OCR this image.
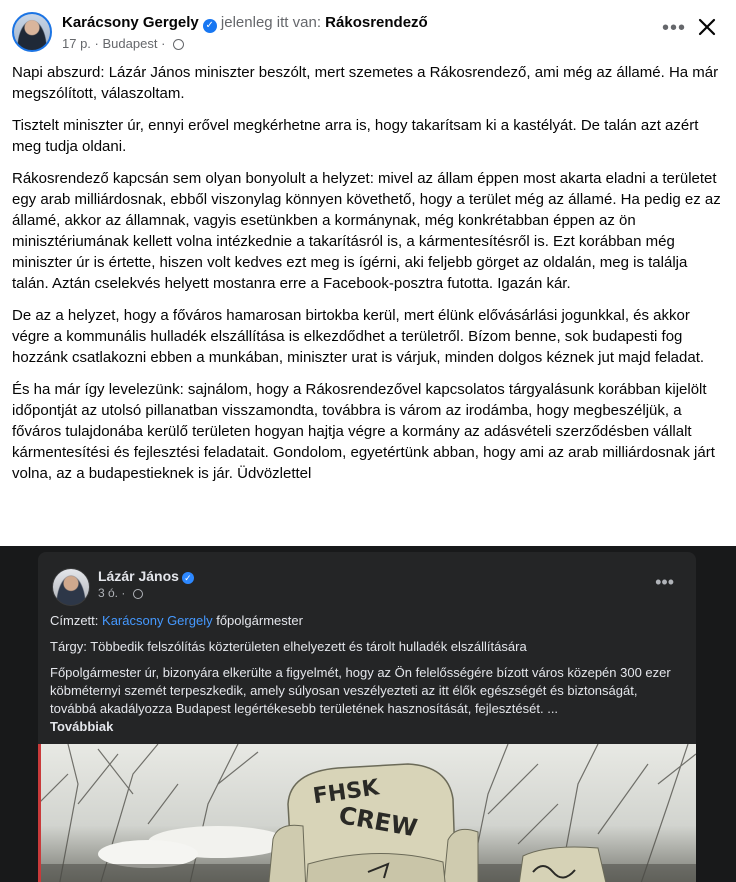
Karácsony Gergely ✓ jelenleg itt van: Rákosrendező
17 p. · Budapest ·
•••

Napi abszurd: Lázár János miniszter beszólt, mert szemetes a Rákosrendező, ami még az államé. Ha már megszólított, válaszoltam.

Tisztelt miniszter úr, ennyi erővel megkérhetne arra is, hogy takarítsam ki a kastélyát. De talán azt azért meg tudja oldani.

Rákosrendező kapcsán sem olyan bonyolult a helyzet: mivel az állam éppen most akarta eladni a területet egy arab milliárdosnak, ebből viszonylag könnyen követhető, hogy a terület még az államé. Ha pedig ez az államé, akkor az államnak, vagyis esetünkben a kormánynak, még konkrétabban éppen az ön minisztériumának kellett volna intézkednie a takarításról is, a kármentesítésről is. Ezt korábban még miniszter úr is értette, hiszen volt kedves ezt meg is ígérni, aki feljebb görget az oldalán, meg is találja talán. Aztán cselekvés helyett mostanra erre a Facebook-posztra futotta. Igazán kár.

De az a helyzet, hogy a főváros hamarosan birtokba kerül, mert élünk elővásárlási jogunkkal, és akkor végre a kommunális hulladék elszállítása is elkezdődhet a területről. Bízom benne, sok budapesti fog hozzánk csatlakozni ebben a munkában, miniszter urat is várjuk, minden dolgos kéznek jut majd feladat.

És ha már így levelezünk: sajnálom, hogy a Rákosrendezővel kapcsolatos tárgyalásunk korábban kijelölt időpontját az utolsó pillanatban visszamondta, továbbra is várom az irodámba, hogy megbeszéljük, a főváros tulajdonába kerülő területen hogyan hajtja végre a kormány az adásvételi szerződésben vállalt kármentesítési és fejlesztési feladatait. Gondolom, egyetértünk abban, hogy ami az arab milliárdosnak járt volna, az a budapestieknek is jár. Üdvözlettel

Lázár János ✓
3 ó. ·
•••
Címzett: Karácsony Gergely főpolgármester
Tárgy: Többedik felszólítás közterületen elhelyezett és tárolt hulladék elszállítására
Főpolgármester úr, bizonyára elkerülte a figyelmét, hogy az Ön felelősségére bízott város közepén 300 ezer köbméternyi szemét terpeszkedik, amely súlyosan veszélyezteti az itt élők egészségét és biztonságát, továbbá akadályozza Budapest legértékesebb területének hasznosítását, fejlesztését. ...
Továbbiak
FHSK
CREW
